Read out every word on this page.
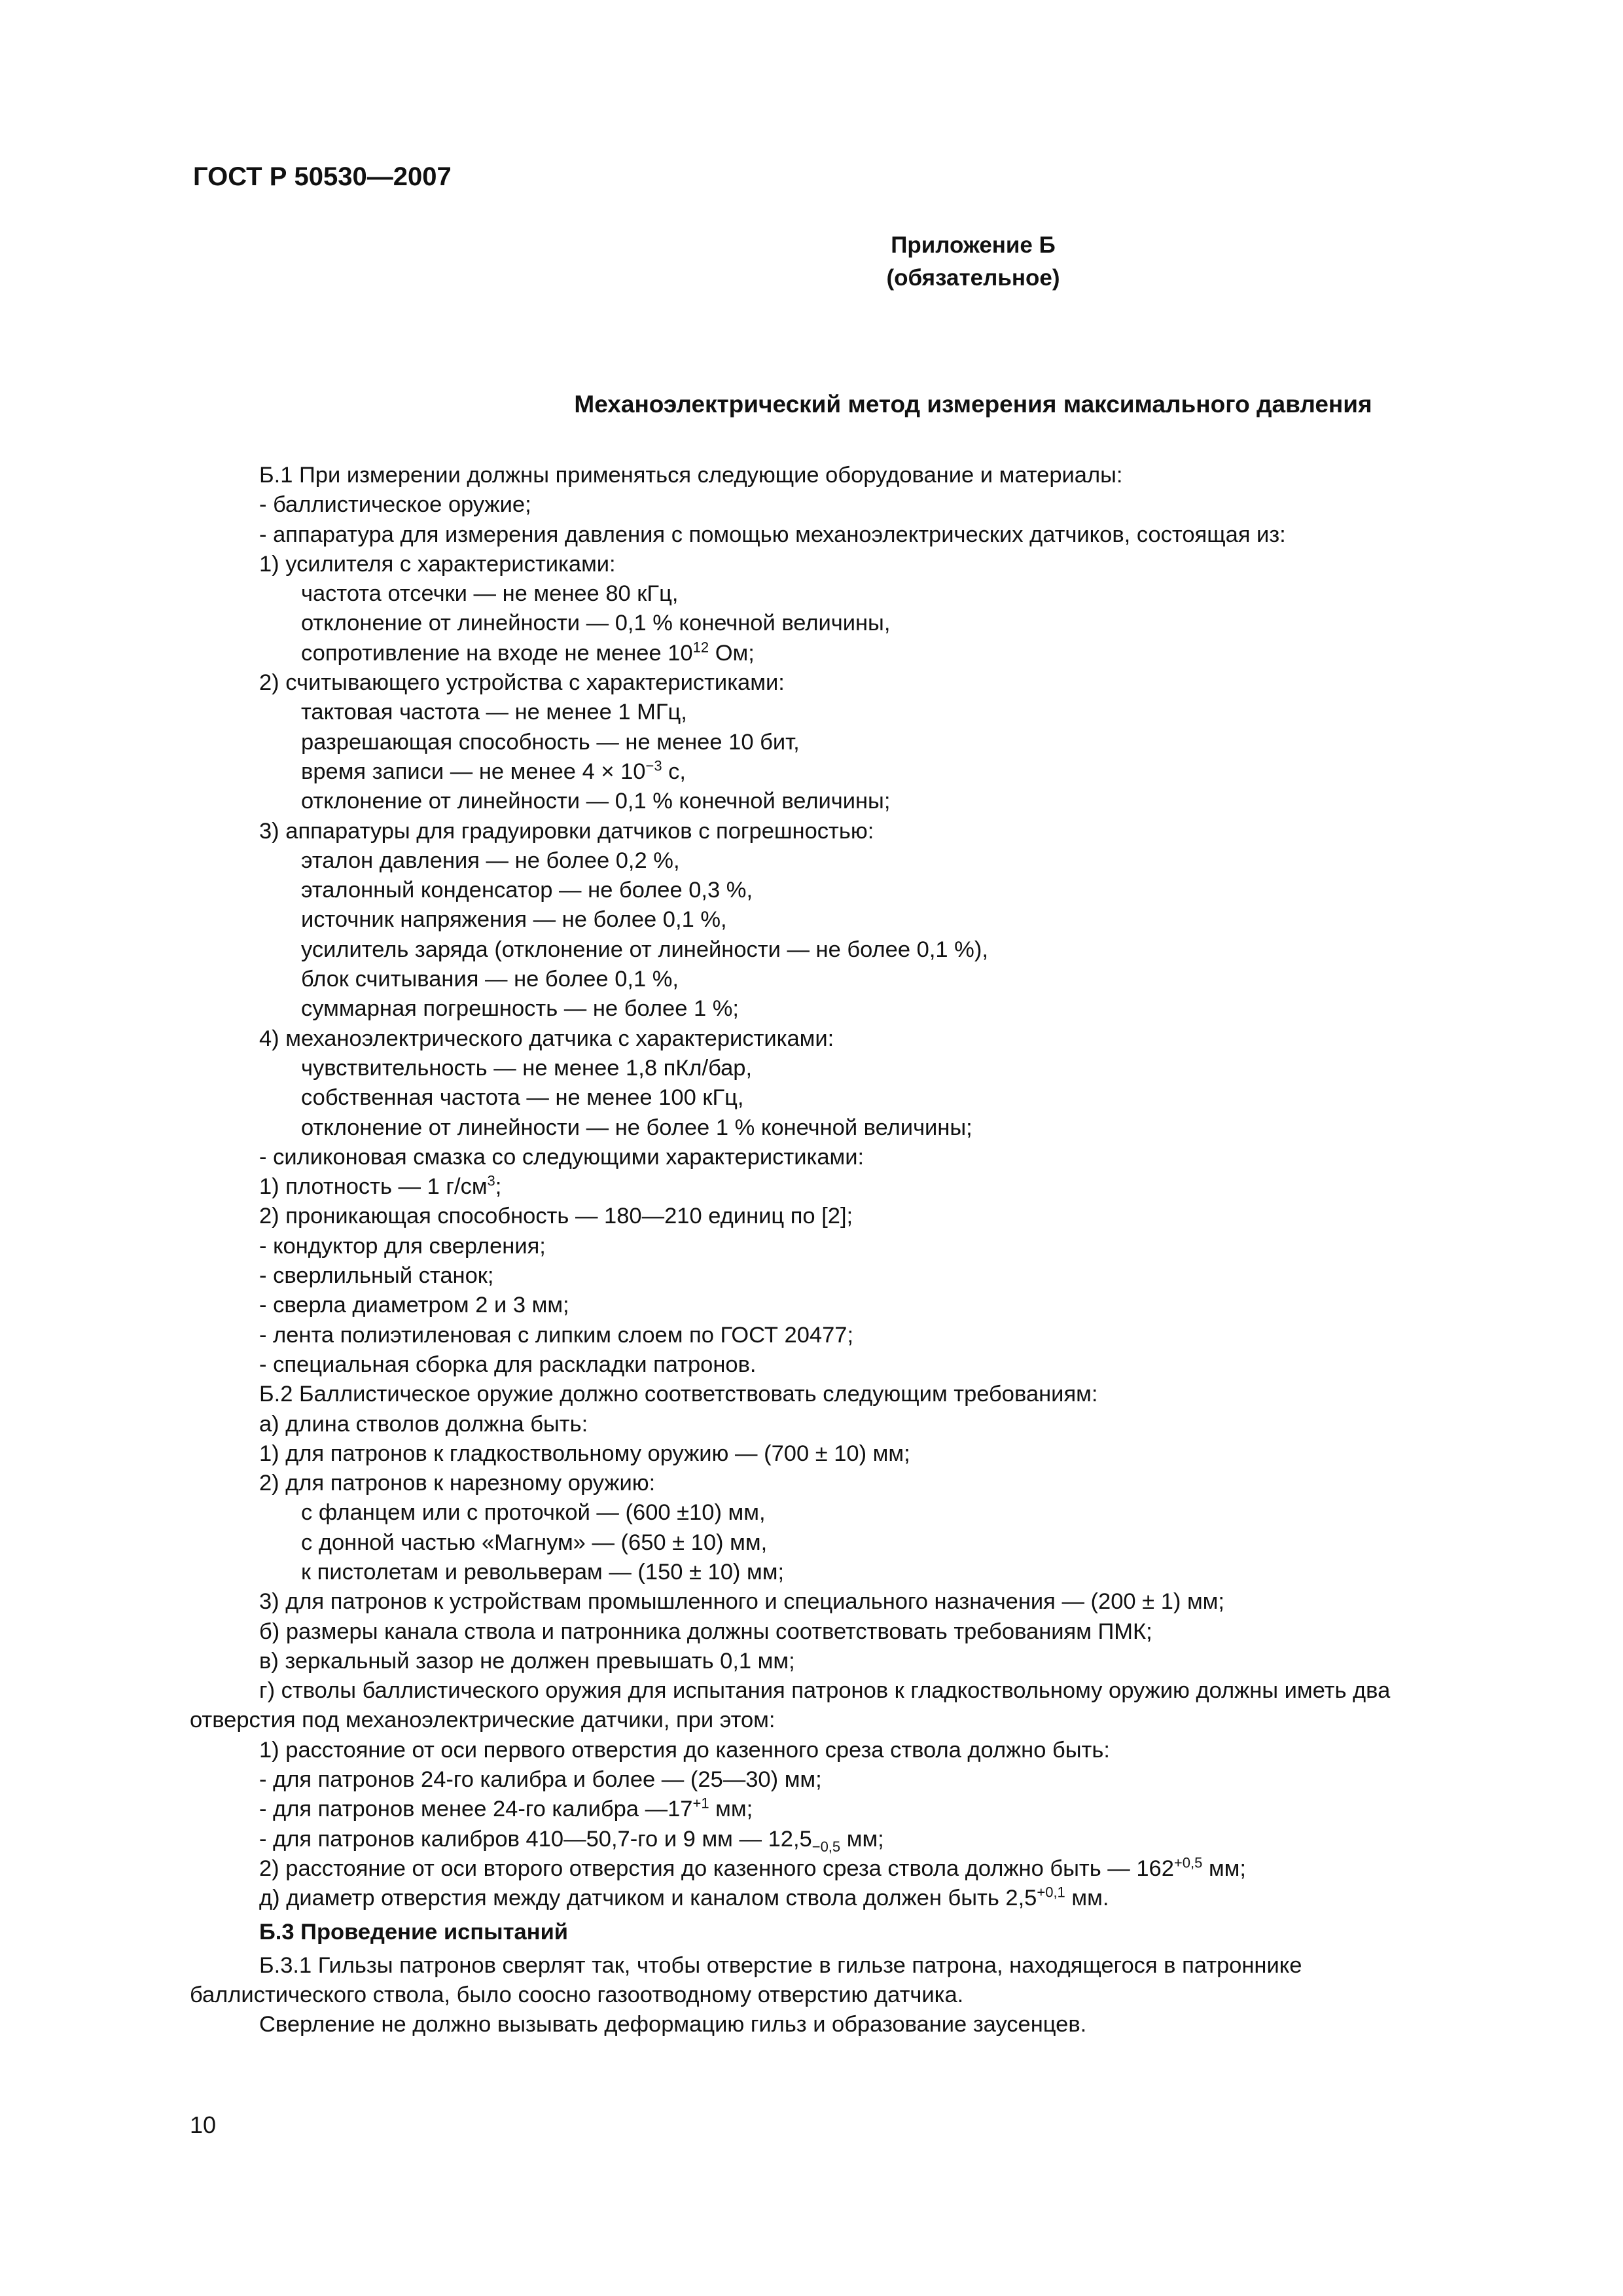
ГОСТ Р 50530—2007
Приложение Б
(обязательное)
Механоэлектрический метод измерения максимального давления
Б.1 При измерении должны применяться следующие оборудование и материалы:
- баллистическое оружие;
- аппаратура для измерения давления с помощью механоэлектрических датчиков, состоящая из:
1) усилителя с характеристиками:
частота отсечки — не менее 80 кГц,
отклонение от линейности — 0,1 % конечной величины,
сопротивление на входе не менее $10^{12}$ Ом;
2) считывающего устройства с характеристиками:
тактовая частота — не менее 1 МГц,
разрешающая способность — не менее 10 бит,
время записи — не менее $4 \times 10^{-3}$ с,
отклонение от линейности — 0,1 % конечной величины;
3) аппаратуры для градуировки датчиков с погрешностью:
эталон давления — не более 0,2 %,
эталонный конденсатор — не более 0,3 %,
источник напряжения — не более 0,1 %,
усилитель заряда (отклонение от линейности — не более 0,1 %),
блок считывания — не более 0,1 %,
суммарная погрешность — не более 1 %;
4) механоэлектрического датчика с характеристиками:
чувствительность — не менее 1,8 пКл/бар,
собственная частота — не менее 100 кГц,
отклонение от линейности — не более 1 % конечной величины;
- силиконовая смазка со следующими характеристиками:
1) плотность — 1 $г/см^3$;
2) проникающая способность — 180—210 единиц по [2];
- кондуктор для сверления;
- сверлильный станок;
- сверла диаметром 2 и 3 мм;
- лента полиэтиленовая с липким слоем по ГОСТ 20477;
- специальная сборка для раскладки патронов.
Б.2 Баллистическое оружие должно соответствовать следующим требованиям:
а) длина стволов должна быть:
1) для патронов к гладкоствольному оружию — (700 ± 10) мм;
2) для патронов к нарезному оружию:
с фланцем или с проточкой — (600 ±10) мм,
с донной частью «Магнум» — (650 ± 10) мм,
к пистолетам и револьверам — (150 ± 10) мм;
3) для патронов к устройствам промышленного и специального назначения — (200 ± 1) мм;
б) размеры канала ствола и патронника должны соответствовать требованиям ПМК;
в) зеркальный зазор не должен превышать 0,1 мм;
г) стволы баллистического оружия для испытания патронов к гладкоствольному оружию должны иметь два отверстия под механоэлектрические датчики, при этом:
1) расстояние от оси первого отверстия до казенного среза ствола должно быть:
- для патронов 24-го калибра и более — (25—30) мм;
- для патронов менее 24-го калибра $—17^{+1}$ мм;
- для патронов калибров 410—50,7-го и 9 мм — $12,5_{-0,5}$ мм;
2) расстояние от оси второго отверстия до казенного среза ствола должно быть — $162^{+0,5}$ мм;
д) диаметр отверстия между датчиком и каналом ствола должен быть $2,5^{+0,1}$ мм.
Б.3 Проведение испытаний
Б.3.1 Гильзы патронов сверлят так, чтобы отверстие в гильзе патрона, находящегося в патроннике баллистического ствола, было соосно газоотводному отверстию датчика.
Сверление не должно вызывать деформацию гильз и образование заусенцев.
10
